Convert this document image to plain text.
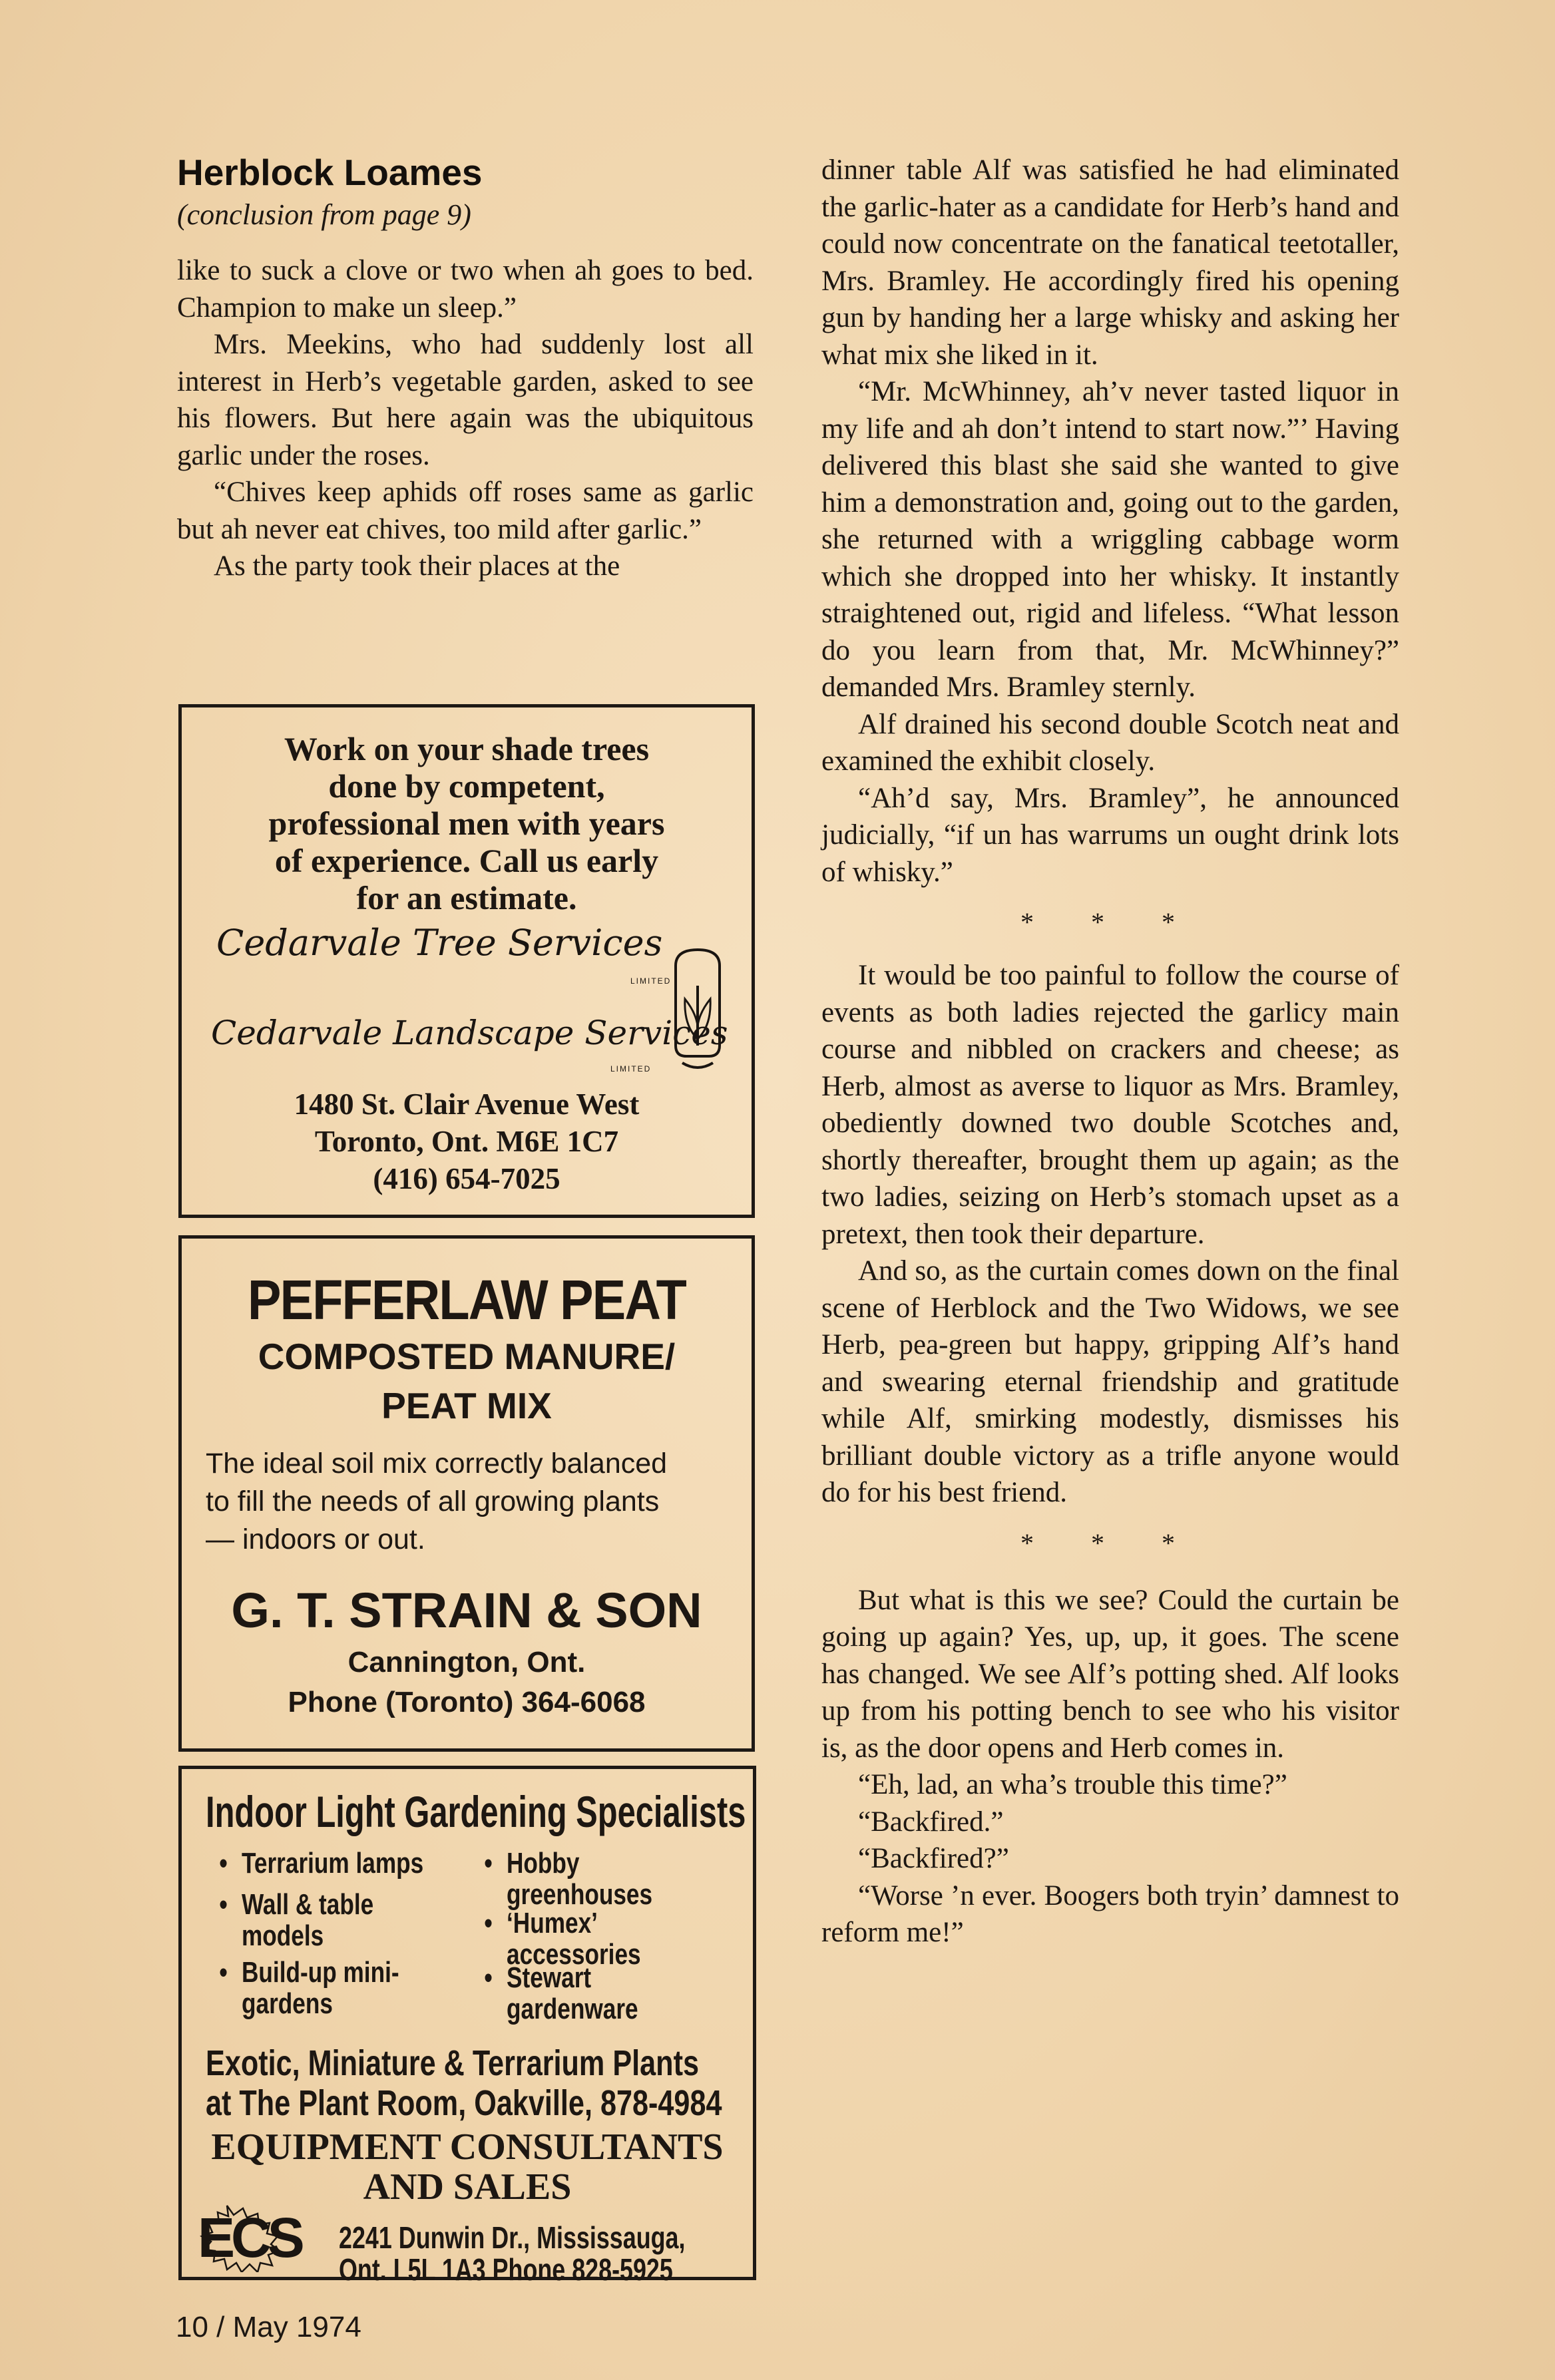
Herblock Loames

(conclusion from page 9)

like to suck a clove or two when ah goes to bed. Champion to make un sleep.”

Mrs. Meekins, who had suddenly lost all interest in Herb’s vegetable garden, asked to see his flowers. But here again was the ubiquitous garlic under the roses.

“Chives keep aphids off roses same as garlic but ah never eat chives, too mild after garlic.”

As the party took their places at the

Work on your shade trees
done by competent,
professional men with years
of experience. Call us early
for an estimate.
Cedarvale Tree Services
LIMITED
Cedarvale Landscape Services
LIMITED
1480 St. Clair Avenue West
Toronto, Ont. M6E 1C7
(416) 654-7025
PEFFERLAW PEAT
COMPOSTED MANURE/
PEAT MIX
The ideal soil mix correctly balanced
to fill the needs of all growing plants
— indoors or out.
G. T. STRAIN & SON
Cannington, Ont.
Phone (Toronto) 364-6068
Indoor Light Gardening Specialists
• Terrarium lamps
• Wall & table models
• Build-up mini-gardens
• Hobby greenhouses
• ‘Humex’ accessories
• Stewart gardenware
Exotic, Miniature & Terrarium Plants
at The Plant Room, Oakville, 878-4984
EQUIPMENT CONSULTANTS
AND SALES
ECS 2241 Dunwin Dr., Mississauga,
Ont. L5L 1A3 Phone 828-5925

dinner table Alf was satisfied he had eliminated the garlic-hater as a candidate for Herb’s hand and could now concentrate on the fanatical teetotaller, Mrs. Bramley. He accordingly fired his opening gun by handing her a large whisky and asking her what mix she liked in it.

“Mr. McWhinney, ah’v never tasted liquor in my life and ah don’t intend to start now.”’ Having delivered this blast she said she wanted to give him a demonstration and, going out to the garden, she returned with a wriggling cabbage worm which she dropped into her whisky. It instantly straightened out, rigid and lifeless. “What lesson do you learn from that, Mr. McWhinney?” demanded Mrs. Bramley sternly.

Alf drained his second double Scotch neat and examined the exhibit closely.

“Ah’d say, Mrs. Bramley”, he announced judicially, “if un has warrums un ought drink lots of whisky.”

* * *

It would be too painful to follow the course of events as both ladies rejected the garlicy main course and nibbled on crackers and cheese; as Herb, almost as averse to liquor as Mrs. Bramley, obediently downed two double Scotches and, shortly thereafter, brought them up again; as the two ladies, seizing on Herb’s stomach upset as a pretext, then took their departure.

And so, as the curtain comes down on the final scene of Herblock and the Two Widows, we see Herb, pea-green but happy, gripping Alf’s hand and swearing eternal friendship and gratitude while Alf, smirking modestly, dismisses his brilliant double victory as a trifle anyone would do for his best friend.

* * *

But what is this we see? Could the curtain be going up again? Yes, up, up, it goes. The scene has changed. We see Alf’s potting shed. Alf looks up from his potting bench to see who his visitor is, as the door opens and Herb comes in.

“Eh, lad, an wha’s trouble this time?”

“Backfired.”

“Backfired?”

“Worse ’n ever. Boogers both tryin’ damnest to reform me!”

10 / May 1974
